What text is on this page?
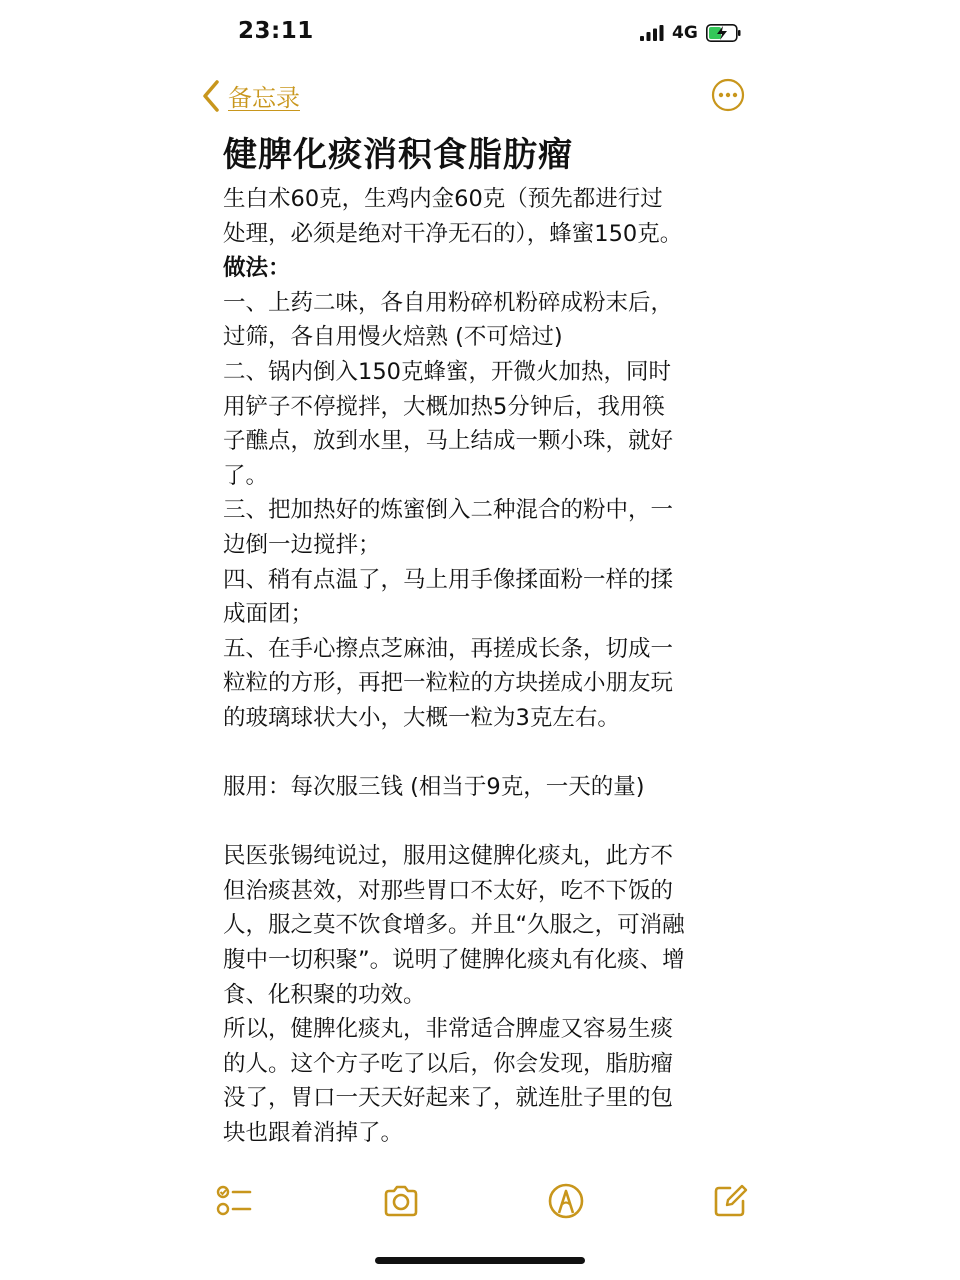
23:11	4G
备忘录
健脾化痰消积食脂肪瘤

生白术60克，生鸡内金60克（预先都进行过

处理，必须是绝对干净无石的），蜂蜜150克。

做法：

一、上药二味，各自用粉碎机粉碎成粉末后，

过筛，各自用慢火焙熟 (不可焙过)

二、锅内倒入150克蜂蜜，开微火加热，同时

用铲子不停搅拌，大概加热5分钟后，我用筷

子醮点，放到水里，马上结成一颗小珠，就好

了。

三、把加热好的炼蜜倒入二种混合的粉中，一

边倒一边搅拌；

四、稍有点温了，马上用手像揉面粉一样的揉

成面团；

五、在手心擦点芝麻油，再搓成长条，切成一

粒粒的方形，再把一粒粒的方块搓成小朋友玩

的玻璃球状大小，大概一粒为3克左右。

服用：每次服三钱 (相当于9克，一天的量)

民医张锡纯说过，服用这健脾化痰丸，此方不

但治痰甚效，对那些胃口不太好，吃不下饭的

人，服之莫不饮食增多。并且“久服之，可消融

腹中一切积聚”。说明了健脾化痰丸有化痰、增

食、化积聚的功效。

所以，健脾化痰丸，非常适合脾虚又容易生痰

的人。这个方子吃了以后，你会发现，脂肪瘤

没了，胃口一天天好起来了，就连肚子里的包

块也跟着消掉了。
